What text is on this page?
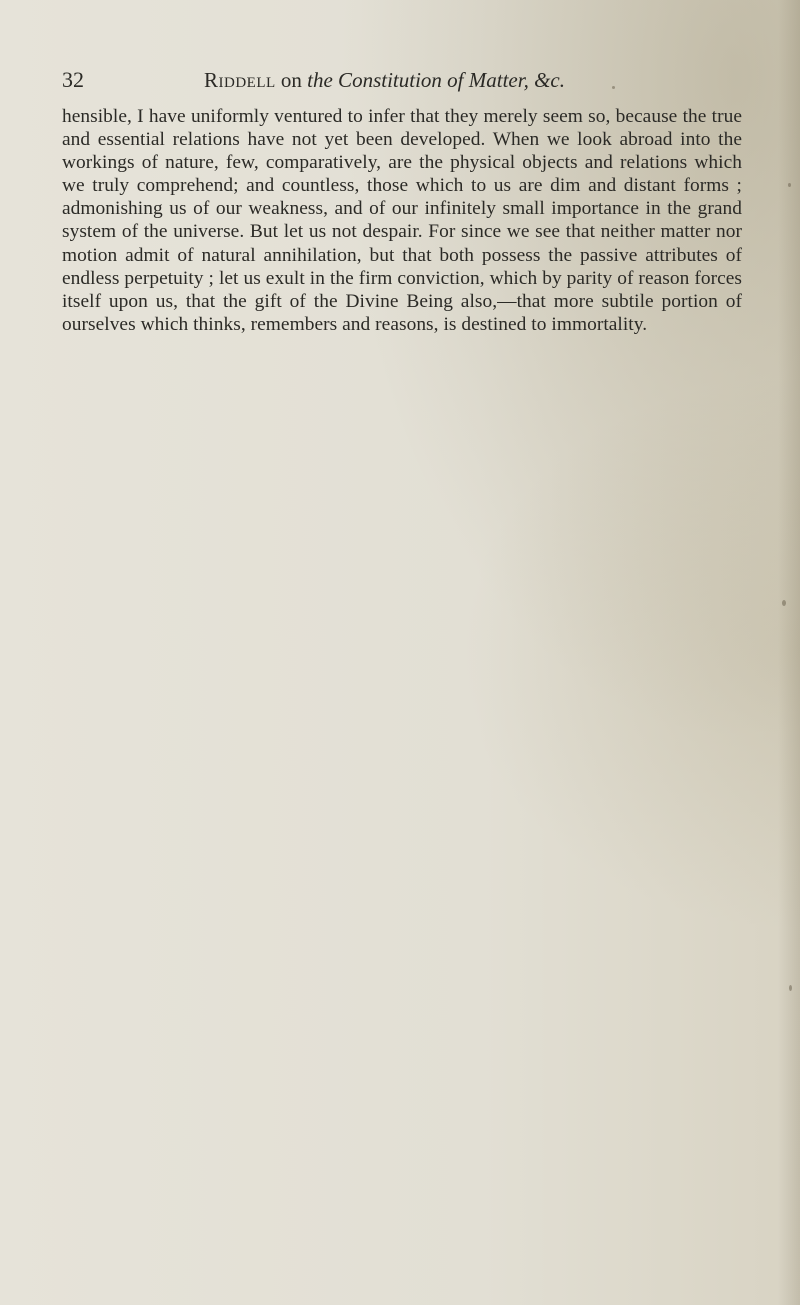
32	Riddell on the Constitution of Matter, &c.

hensible, I have uniformly ventured to infer that they merely seem so, because the true and essential relations have not yet been developed. When we look abroad into the workings of nature, few, comparatively, are the physical objects and relations which we truly comprehend; and countless, those which to us are dim and distant forms ; admonishing us of our weakness, and of our infinitely small importance in the grand system of the universe. But let us not despair. For since we see that neither matter nor motion admit of natural annihilation, but that both possess the passive attributes of endless perpetuity ; let us exult in the firm conviction, which by parity of reason forces itself upon us, that the gift of the Divine Being also,—that more subtile portion of ourselves which thinks, remembers and reasons, is destined to immortality.
